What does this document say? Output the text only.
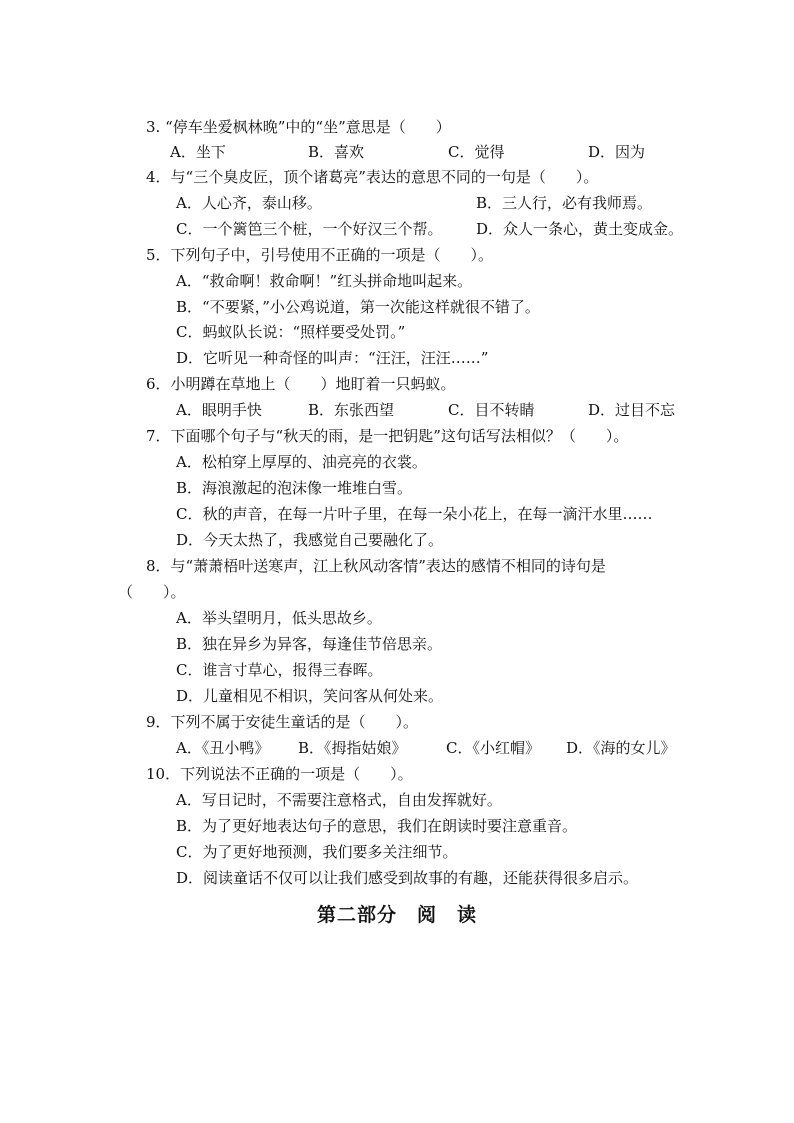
3. “停车坐爱枫林晚”中的“坐”意思是（　　）
A．坐下	B．喜欢	C．觉得	D．因为
4．与“三个臭皮匠，顶个诸葛亮”表达的意思不同的一句是（　　）。
A．人心齐，泰山移。	B．三人行，必有我师焉。
C．一个篱笆三个桩，一个好汉三个帮。 D．众人一条心，黄土变成金。
5．下列句子中，引号使用不正确的一项是（　　）。
A．“救命啊！救命啊！”红头拼命地叫起来。
B．“不要紧，”小公鸡说道，第一次能这样就很不错了。
C．蚂蚁队长说：“照样要受处罚。”
D．它听见一种奇怪的叫声：“汪汪，汪汪……”
6．小明蹲在草地上（　　）地盯着一只蚂蚁。
A．眼明手快	B．东张西望	C．目不转睛	D．过目不忘
7．下面哪个句子与“秋天的雨，是一把钥匙”这句话写法相似？（　　）。
A．松柏穿上厚厚的、油亮亮的衣裳。
B．海浪激起的泡沫像一堆堆白雪。
C．秋的声音，在每一片叶子里，在每一朵小花上，在每一滴汗水里……
D．今天太热了，我感觉自己要融化了。
8．与“萧萧梧叶送寒声，江上秋风动客情”表达的感情不相同的诗句是
（　　）。
A．举头望明月，低头思故乡。
B．独在异乡为异客，每逢佳节倍思亲。
C．谁言寸草心，报得三春晖。
D．儿童相见不相识，笑问客从何处来。
9．下列不属于安徒生童话的是（　　）。
A．《丑小鸭》 B．《拇指姑娘》	C．《小红帽》 D．《海的女儿》
10．下列说法不正确的一项是（　　）。
A．写日记时，不需要注意格式，自由发挥就好。
B．为了更好地表达句子的意思，我们在朗读时要注意重音。
C．为了更好地预测，我们要多关注细节。
D．阅读童话不仅可以让我们感受到故事的有趣，还能获得很多启示。
第二部分　阅　读
